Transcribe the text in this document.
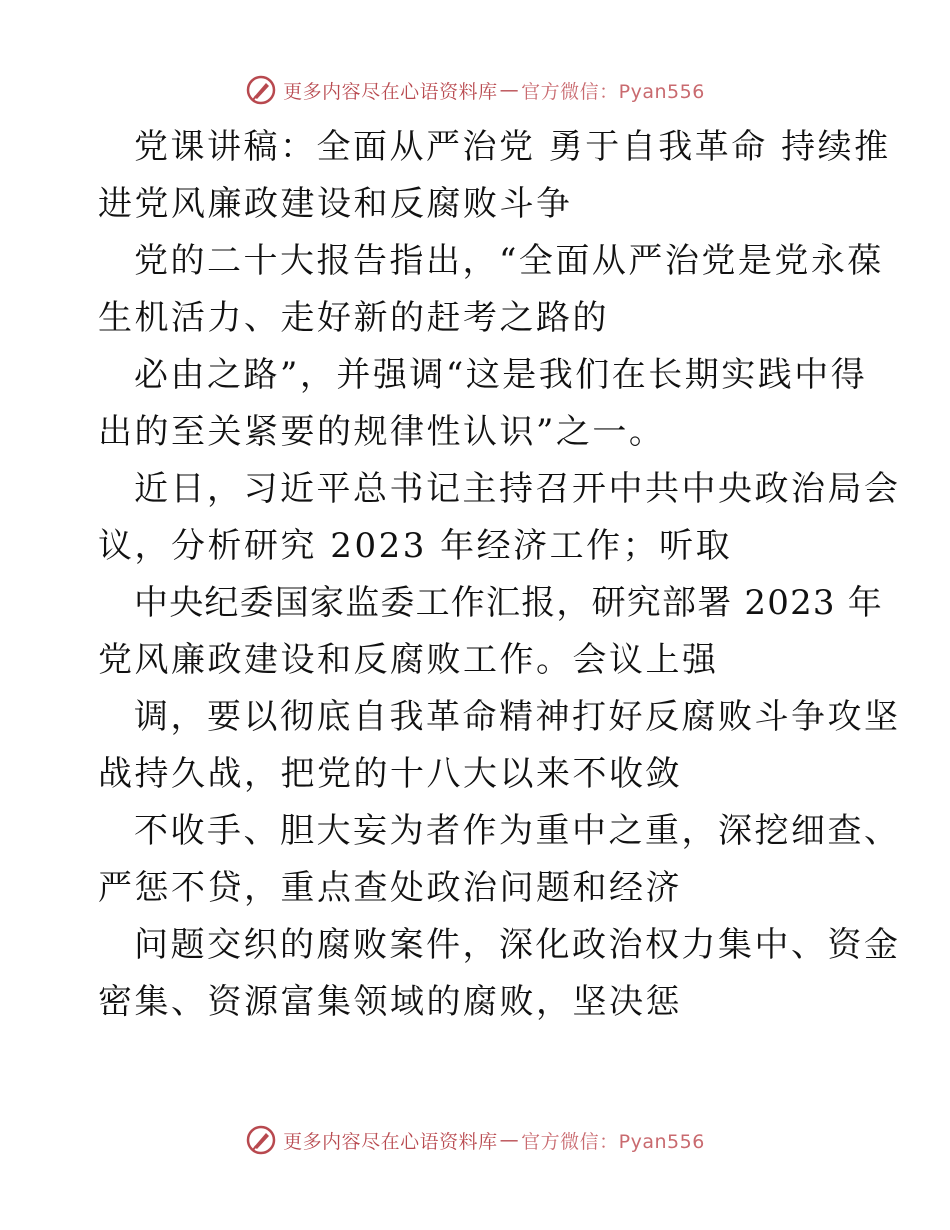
更多内容尽在心语资料库 — 官方微信：Pyan556
党课讲稿：全面从严治党 勇于自我革命 持续推
进党风廉政建设和反腐败斗争
党的二十大报告指出，“全面从严治党是党永葆
生机活力、走好新的赶考之路的
必由之路”，并强调“这是我们在长期实践中得
出的至关紧要的规律性认识”之一。
近日，习近平总书记主持召开中共中央政治局会
议，分析研究 2023 年经济工作；听取
中央纪委国家监委工作汇报，研究部署 2023 年
党风廉政建设和反腐败工作。会议上强
调，要以彻底自我革命精神打好反腐败斗争攻坚
战持久战，把党的十八大以来不收敛
不收手、胆大妄为者作为重中之重，深挖细查、
严惩不贷，重点查处政治问题和经济
问题交织的腐败案件，深化政治权力集中、资金
密集、资源富集领域的腐败，坚决惩
更多内容尽在心语资料库 — 官方微信：Pyan556
